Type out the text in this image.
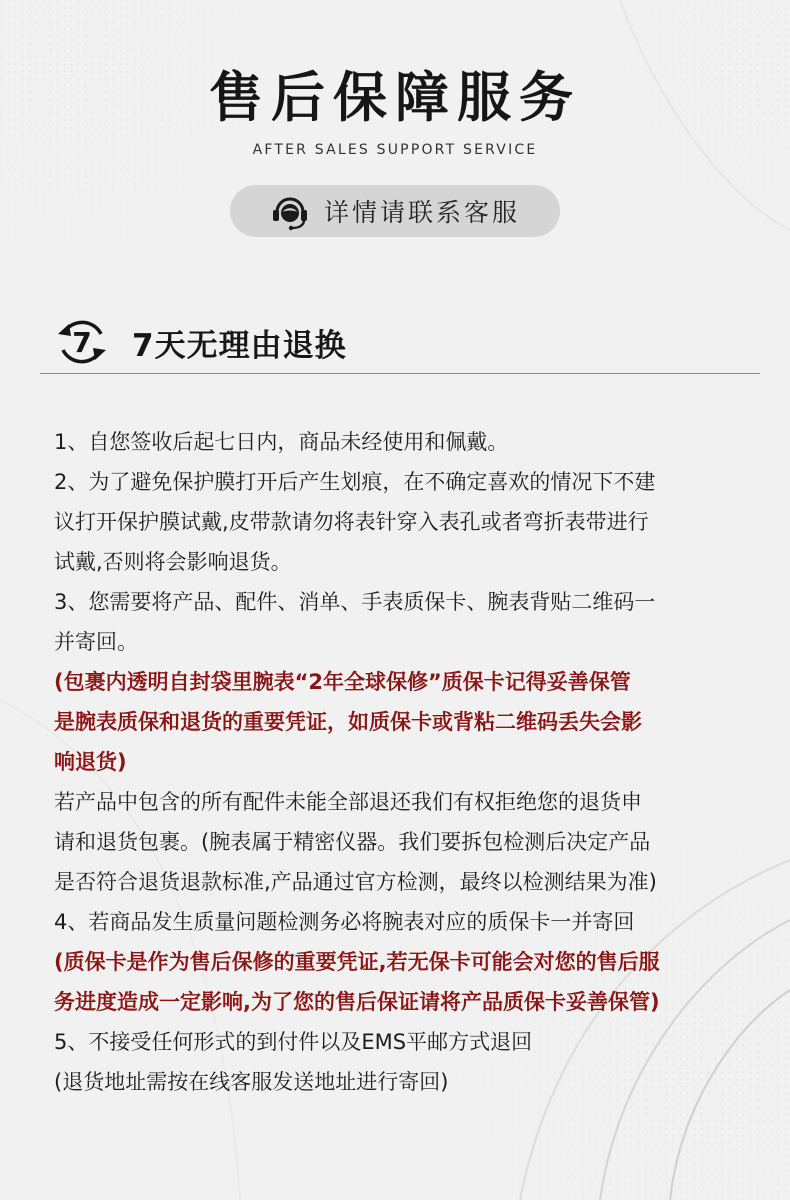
售后保障服务
AFTER SALES SUPPORT SERVICE
详情请联系客服
7 7天无理由退换
1、自您签收后起七日内，商品未经使用和佩戴。
2、为了避免保护膜打开后产生划痕，在不确定喜欢的情况下不建
议打开保护膜试戴,皮带款请勿将表针穿入表孔或者弯折表带进行
试戴,否则将会影响退货。
3、您需要将产品、配件、消单、手表质保卡、腕表背贴二维码一
并寄回。
(包裹内透明自封袋里腕表“2年全球保修”质保卡记得妥善保管
是腕表质保和退货的重要凭证，如质保卡或背粘二维码丢失会影
响退货)
若产品中包含的所有配件未能全部退还我们有权拒绝您的退货申
请和退货包裹。(腕表属于精密仪器。我们要拆包检测后决定产品
是否符合退货退款标准,产品通过官方检测，最终以检测结果为准)
4、若商品发生质量问题检测务必将腕表对应的质保卡一并寄回
(质保卡是作为售后保修的重要凭证,若无保卡可能会对您的售后服
务进度造成一定影响,为了您的售后保证请将产品质保卡妥善保管)
5、不接受任何形式的到付件以及EMS平邮方式退回
(退货地址需按在线客服发送地址进行寄回)
